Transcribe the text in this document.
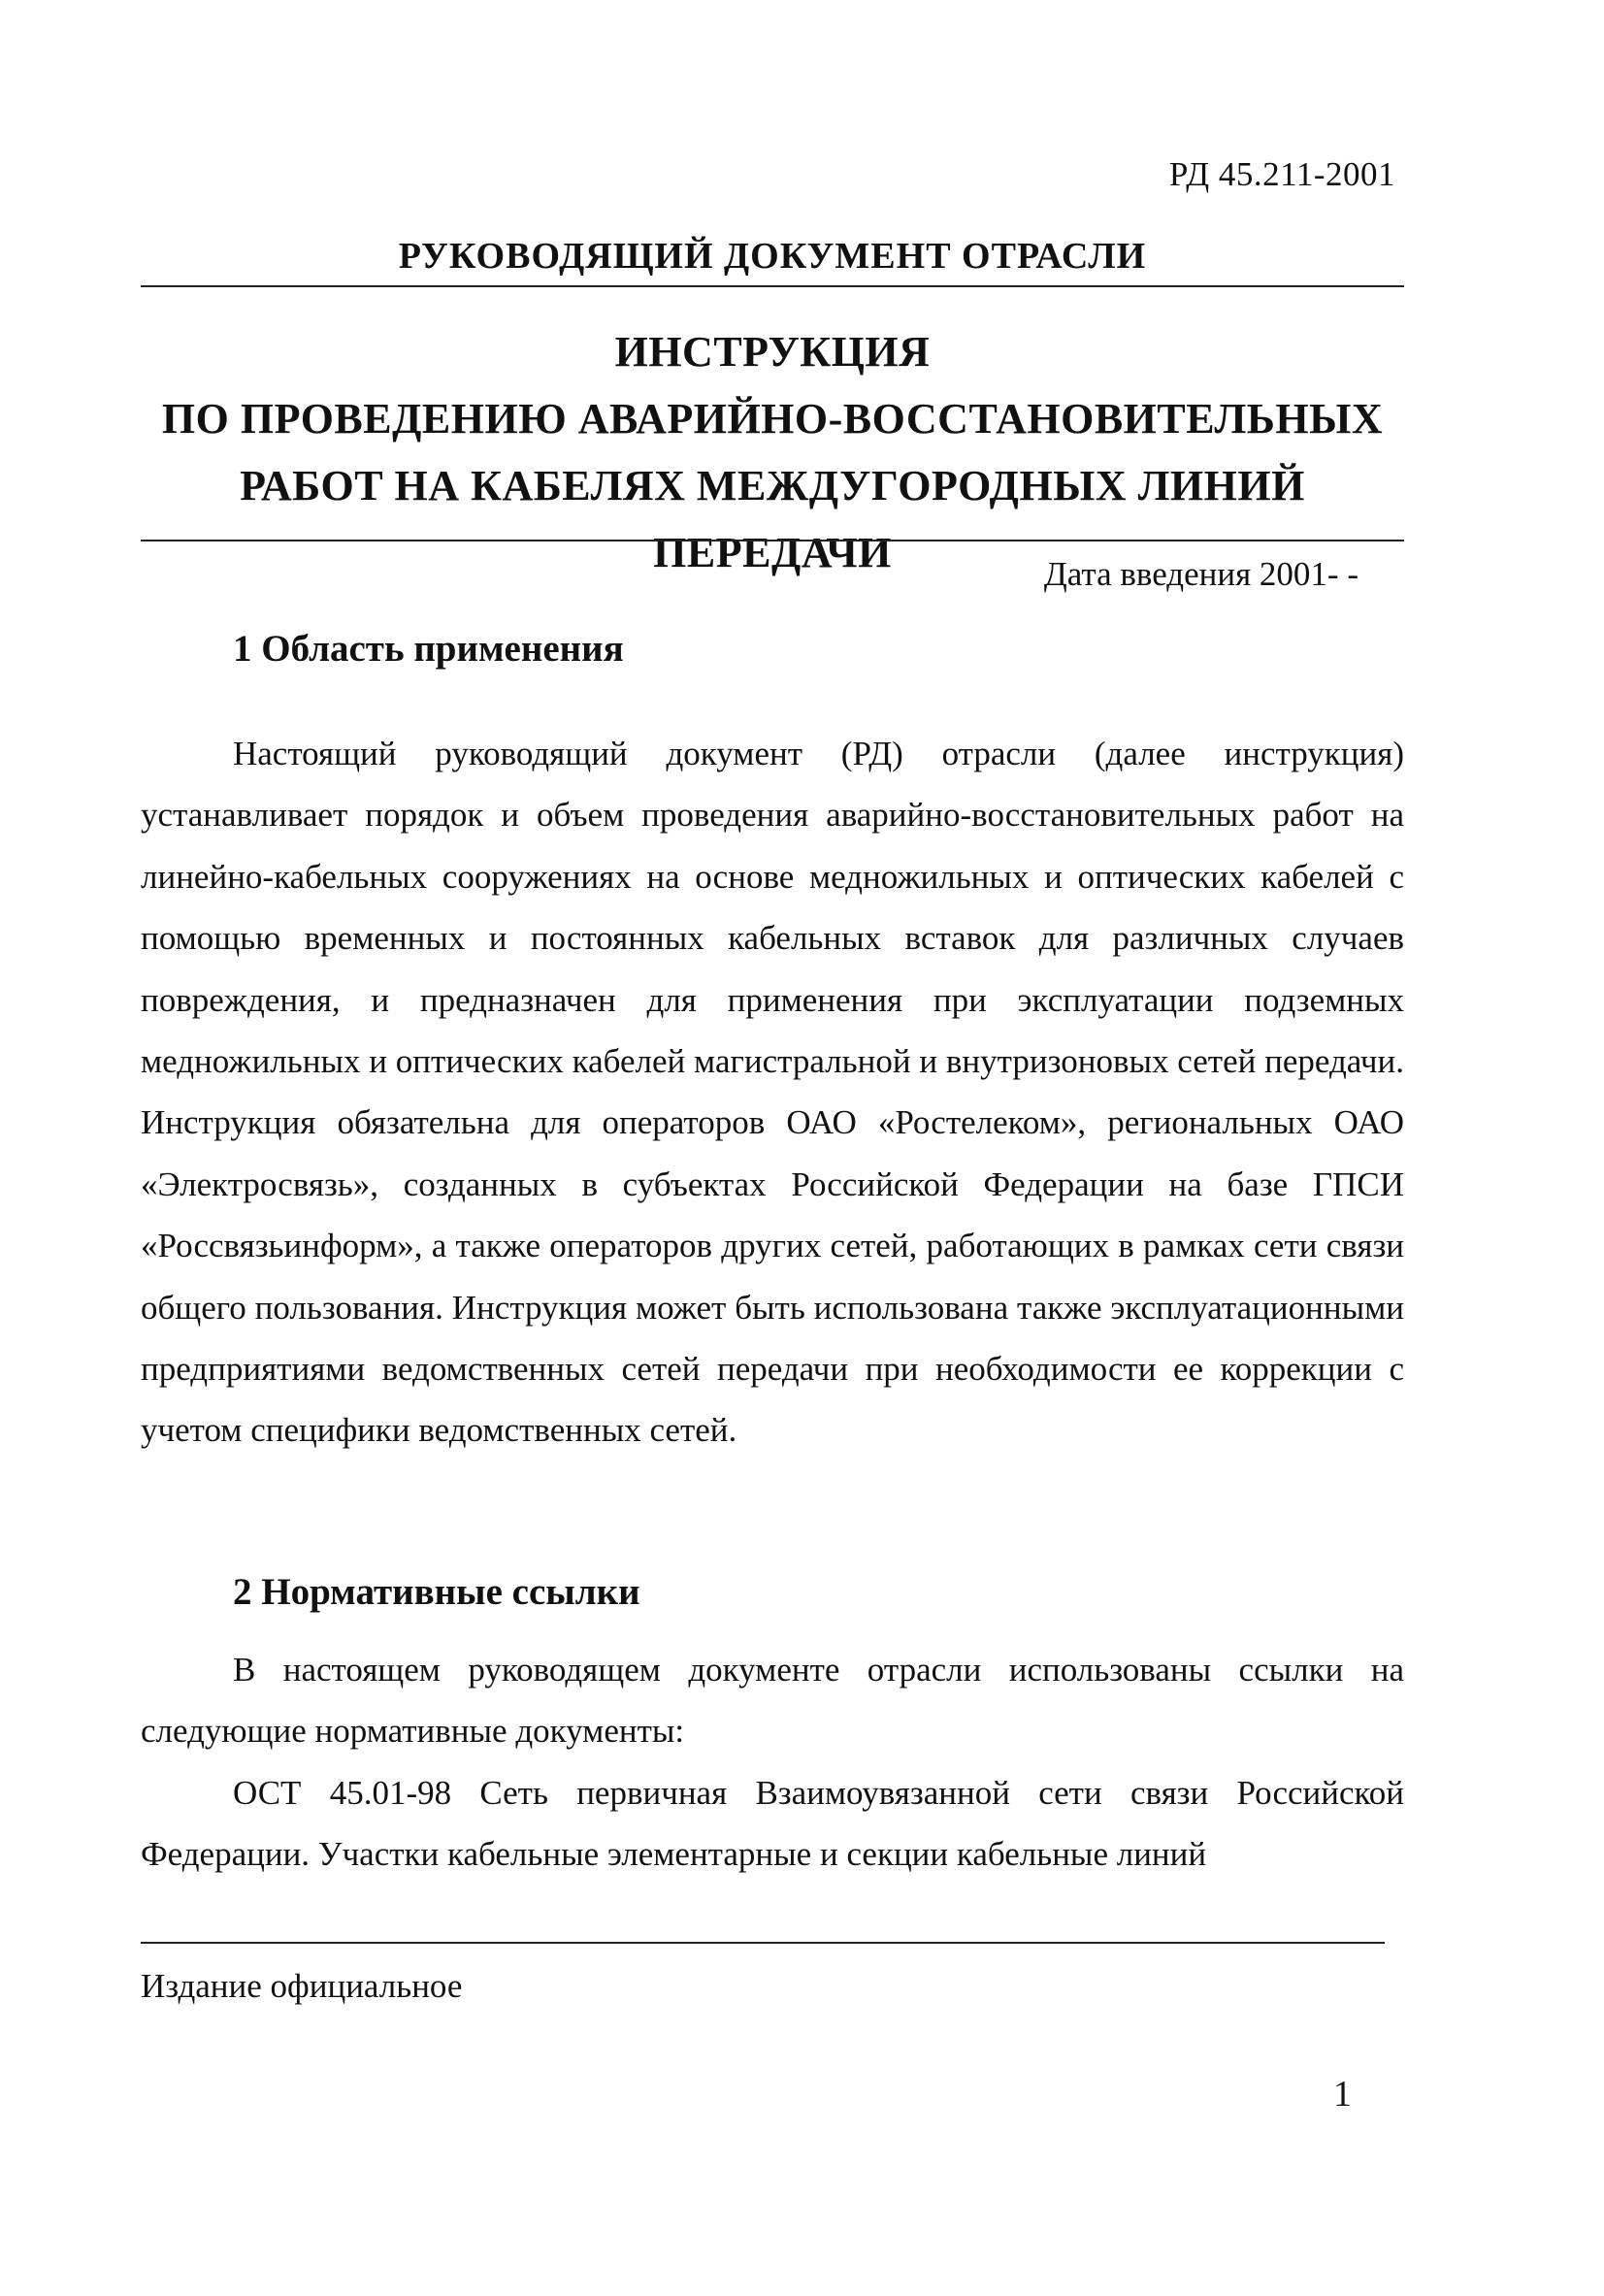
РД 45.211-2001
РУКОВОДЯЩИЙ ДОКУМЕНТ ОТРАСЛИ
ИНСТРУКЦИЯ
ПО ПРОВЕДЕНИЮ АВАРИЙНО-ВОССТАНОВИТЕЛЬНЫХ
РАБОТ НА КАБЕЛЯХ МЕЖДУГОРОДНЫХ ЛИНИЙ ПЕРЕДАЧИ	Дата введения 2001- -
1 Область применения

Настоящий руководящий документ (РД) отрасли (далее инструкция) устанавливает порядок и объем проведения аварийно-восстановительных работ на линейно-кабельных сооружениях на основе медножильных и оптических кабелей с помощью временных и постоянных кабельных вставок для различных случаев повреждения, и предназначен для применения при эксплуатации подземных медножильных и оптических кабелей магистральной и внутризоновых сетей передачи. Инструкция обязательна для операторов ОАО «Ростелеком», региональных ОАО «Электросвязь», созданных в субъектах Российской Федерации на базе ГПСИ «Россвязьинформ», а также операторов других сетей, работающих в рамках сети связи общего пользования. Инструкция может быть использована также эксплуатационными предприятиями ведомственных сетей передачи при необходимости ее коррекции с учетом специфики ведомственных сетей.

2 Нормативные ссылки

В настоящем руководящем документе отрасли использованы ссылки на следующие нормативные документы:

ОСТ 45.01-98 Сеть первичная Взаимоувязанной сети связи Российской Федерации. Участки кабельные элементарные и секции кабельные линий

Издание официальное
1
